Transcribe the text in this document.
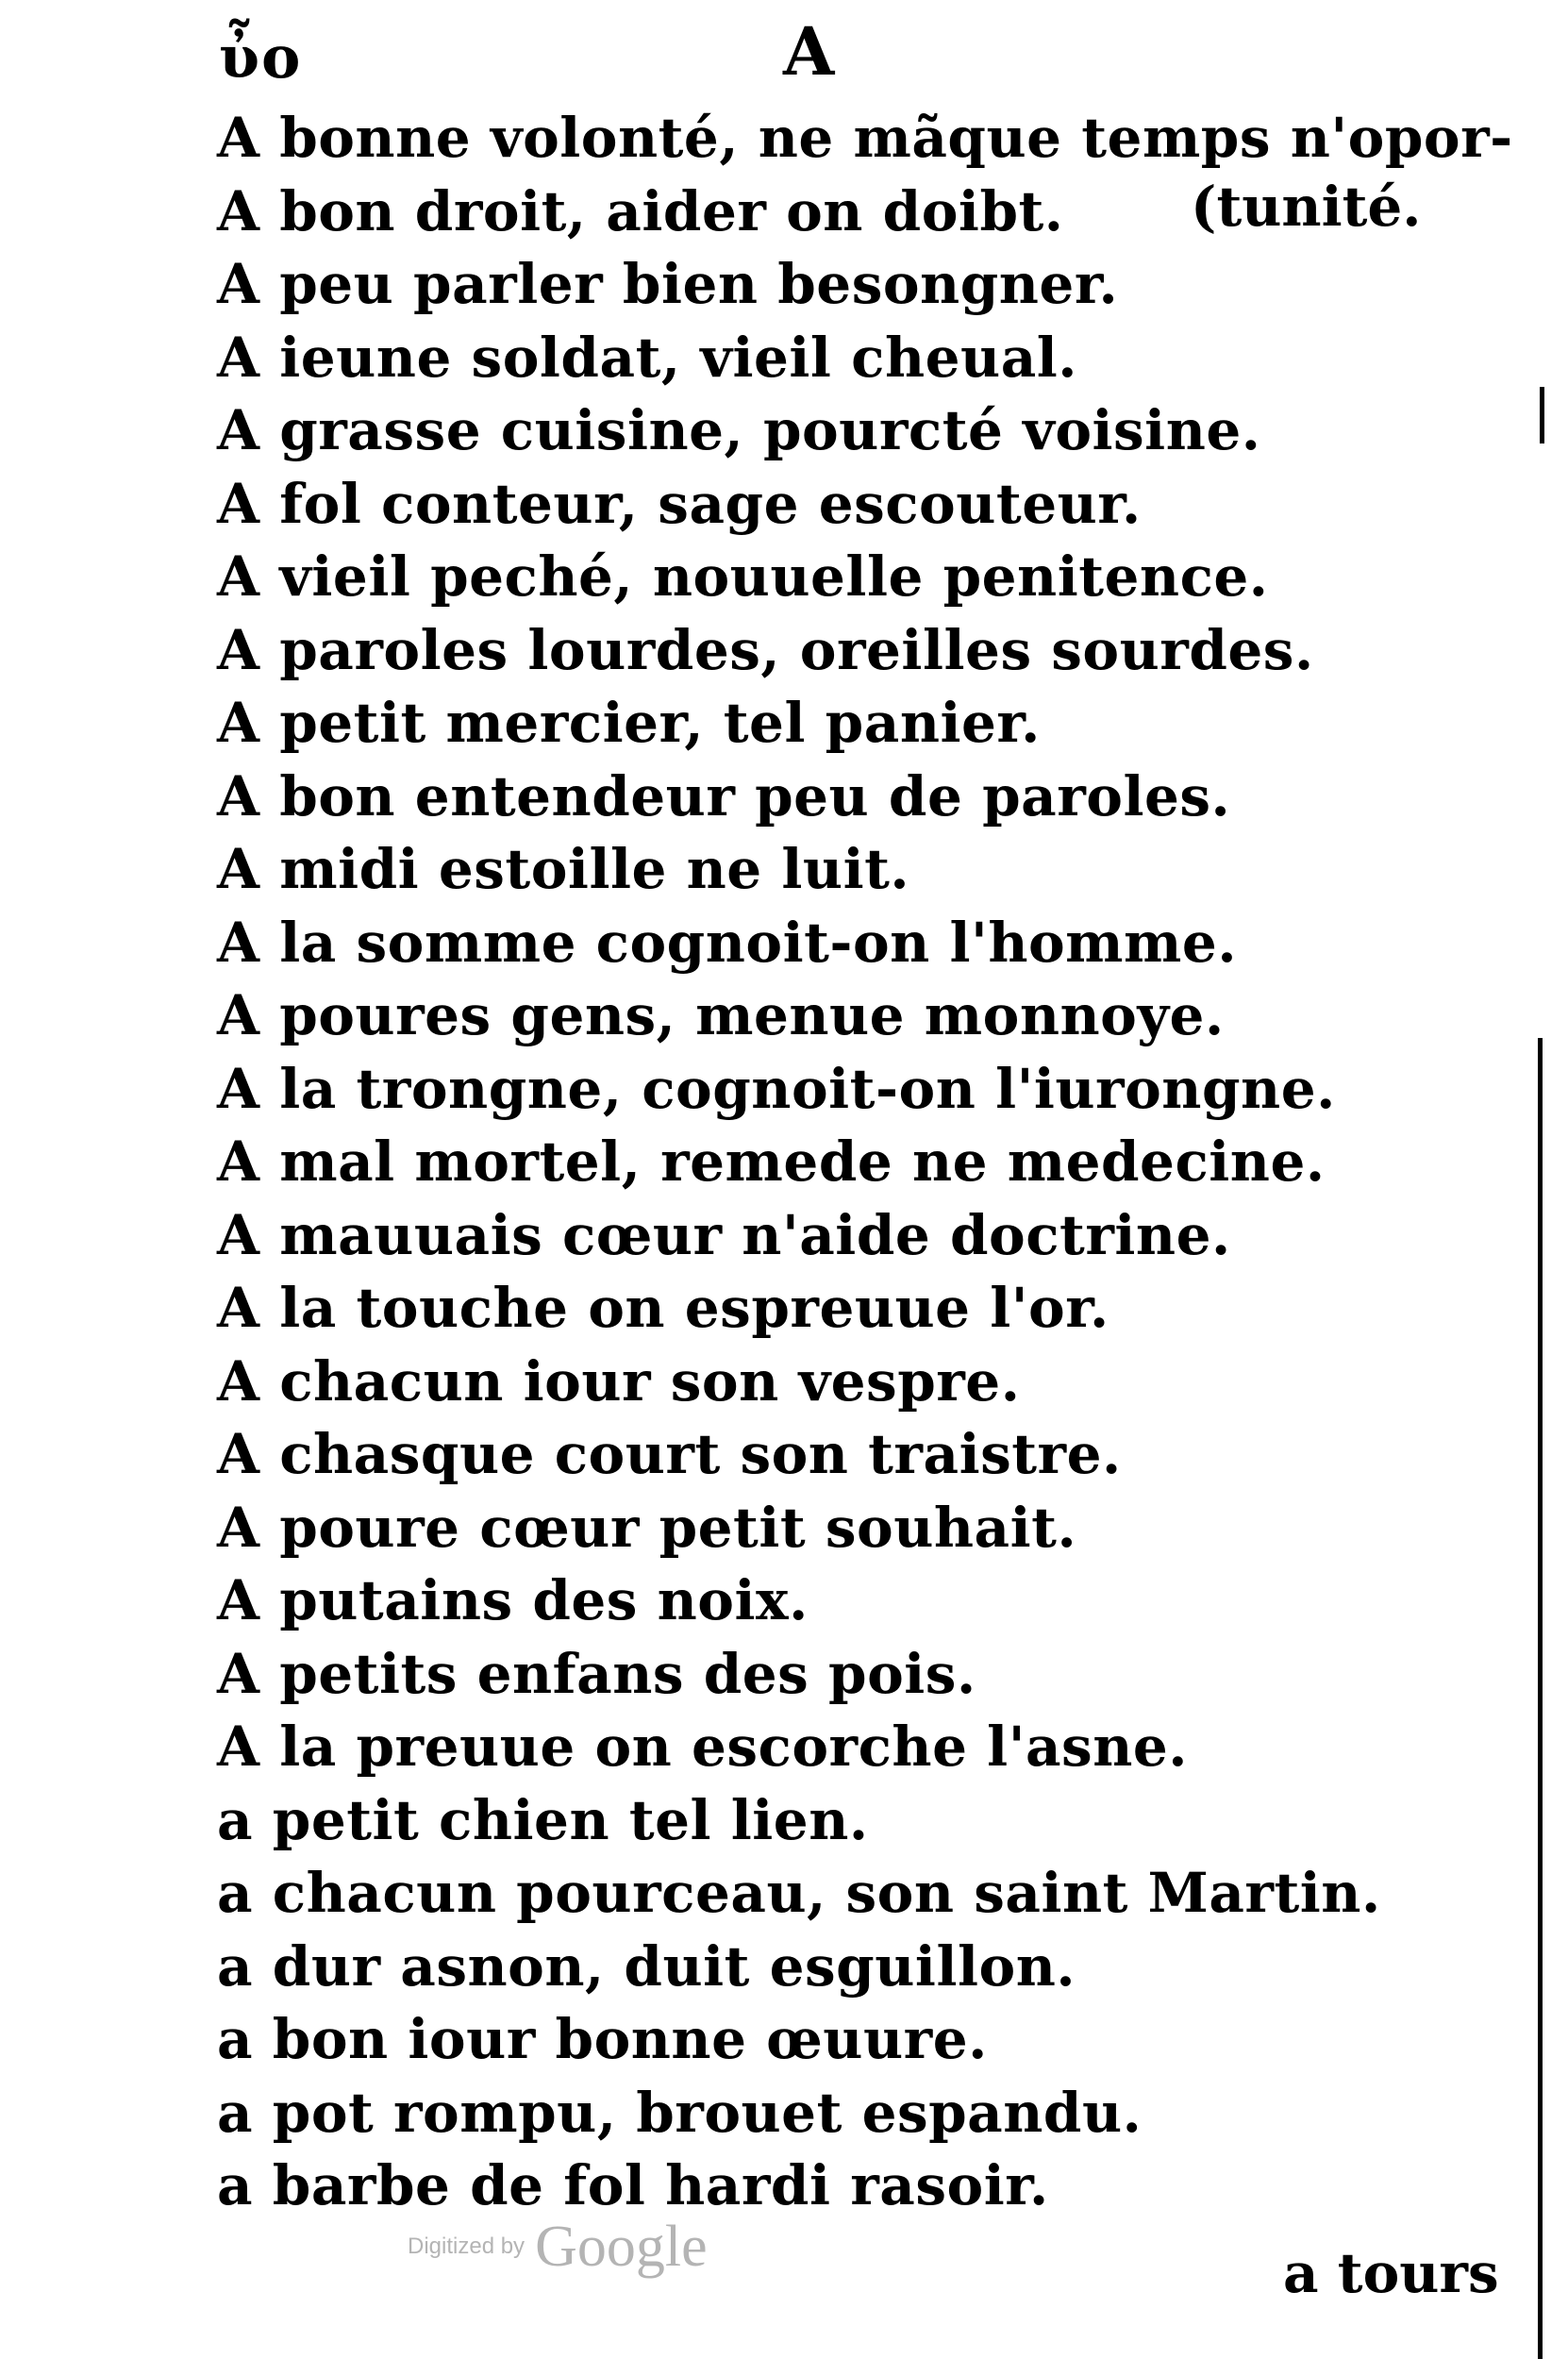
ὖo	A
A bonne volonté, ne mãque temps n'opor-
A bon droit, aider on doibt.
A peu parler bien besongner.
A ieune soldat, vieil cheual.
A grasse cuisine, pourcté voisine.
A fol conteur, sage escouteur.
A vieil peché, nouuelle penitence.
A paroles lourdes, oreilles sourdes.
A petit mercier, tel panier.
A bon entendeur peu de paroles.
A midi estoille ne luit.
A la somme cognoit-on l'homme.
A poures gens, menue monnoye.
A la trongne, cognoit-on l'iurongne.
A mal mortel, remede ne medecine.
A mauuais cœur n'aide doctrine.
A la touche on espreuue l'or.
A chacun iour son vespre.
A chasque court son traistre.
A poure cœur petit souhait.
A putains des noix.
A petits enfans des pois.
A la preuue on escorche l'asne.
a petit chien tel lien.
a chacun pourceau, son saint Martin.
a dur asnon, duit esguillon.
a bon iour bonne œuure.
a pot rompu, brouet espandu.
a barbe de fol hardi rasoir.
(tunité.
Digitized by Google	a tours
